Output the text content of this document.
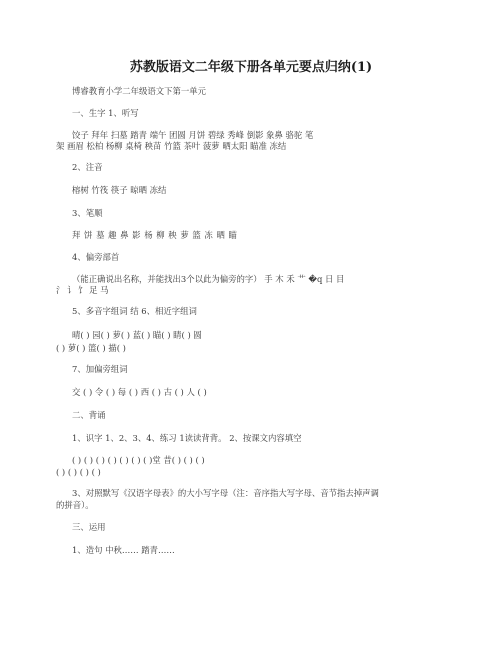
苏教版语文二年级下册各单元要点归纳(1)
博睿教育小学二年级语文下第一单元
一、生字 1、听写
饺子 拜年 扫墓 踏青 端午 团圆 月饼 碧绿 秀峰 倒影 象鼻 骆驼 笔
架 画眉 松柏 杨柳 桌椅 秧苗 竹篮 茶叶 菠萝 晒太阳 瞄准 冻结
2、注音
榕树 竹筏 筷子 晾晒 冻结
3、笔顺
拜 饼 墓 趣 鼻 影 杨 柳 秧 萝 篮 冻 晒 瞄
4、偏旁部首
（能正确说出名称，并能找出3个以此为偏旁的字） 手 木 禾 艹 �q 日 目
氵 讠 饣 足 马
5、多音字组词 结 6、相近字组词
晴( ) 园( ) 萝( ) 蓝( ) 瞄( ) 睛( ) 圆
( ) 萝( ) 篮( ) 描( )
7、加偏旁组词
交 ( ) 令 ( ) 每 ( ) 西 ( ) 古 ( ) 人 ( )
二、背诵
1、识字 1、2、3、4、练习 1读读背背。 2、按课文内容填空
( ) ( ) ( ) ( ) ( ) ( ) ( )堂 昔( ) ( ) ( )
( ) ( ) ( ) ( )
3、对照默写《汉语字母表》的大小写字母（注：音序指大写字母、音节指去掉声调
的拼音）。
三、运用
1、造句 中秋…… 踏青……
